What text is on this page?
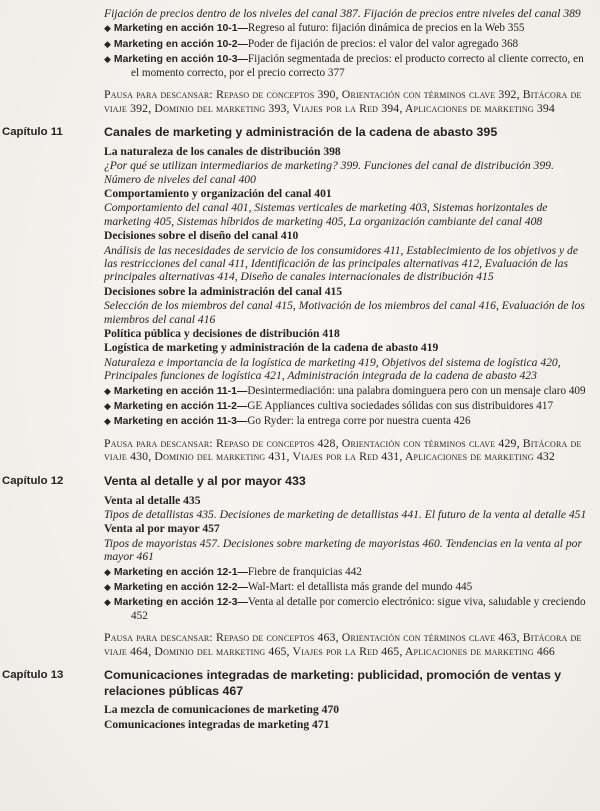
Fijación de precios dentro de los niveles del canal 387. Fijación de precios entre niveles del canal 389

◆ Marketing en acción 10-1—Regreso al futuro: fijación dinámica de precios en la Web 355

◆ Marketing en acción 10-2—Poder de fijación de precios: el valor del valor agregado 368

◆ Marketing en acción 10-3—Fijación segmentada de precios: el producto correcto al cliente correcto, en el momento correcto, por el precio correcto 377

Pausa para descansar: Repaso de conceptos 390, Orientación con términos clave 392, Bitácora de viaje 392, Dominio del marketing 393, Viajes por la Red 394, Aplicaciones de marketing 394

Capítulo 11	Canales de marketing y administración de la cadena de abasto 395
La naturaleza de los canales de distribución 398

¿Por qué se utilizan intermediarios de marketing? 399. Funciones del canal de distribución 399. Número de niveles del canal 400

Comportamiento y organización del canal 401

Comportamiento del canal 401, Sistemas verticales de marketing 403, Sistemas horizontales de marketing 405, Sistemas híbridos de marketing 405, La organización cambiante del canal 408

Decisiones sobre el diseño del canal 410

Análisis de las necesidades de servicio de los consumidores 411, Establecimiento de los objetivos y de las restricciones del canal 411, Identificación de las principales alternativas 412, Evaluación de las principales alternativas 414, Diseño de canales internacionales de distribución 415

Decisiones sobre la administración del canal 415

Selección de los miembros del canal 415, Motivación de los miembros del canal 416, Evaluación de los miembros del canal 416

Política pública y decisiones de distribución 418
Logística de marketing y administración de la cadena de abasto 419

Naturaleza e importancia de la logística de marketing 419, Objetivos del sistema de logística 420, Principales funciones de logística 421, Administración integrada de la cadena de abasto 423

◆ Marketing en acción 11-1—Desintermediación: una palabra dominguera pero con un mensaje claro 409

◆ Marketing en acción 11-2—GE Appliances cultiva sociedades sólidas con sus distribuidores 417

◆ Marketing en acción 11-3—Go Ryder: la entrega corre por nuestra cuenta 426

Pausa para descansar: Repaso de conceptos 428, Orientación con términos clave 429, Bitácora de viaje 430, Dominio del marketing 431, Viajes por la Red 431, Aplicaciones de marketing 432

Capítulo 12	Venta al detalle y al por mayor 433
Venta al detalle 435

Tipos de detallistas 435. Decisiones de marketing de detallistas 441. El futuro de la venta al detalle 451

Venta al por mayor 457

Tipos de mayoristas 457. Decisiones sobre marketing de mayoristas 460. Tendencias en la venta al por mayor 461

◆ Marketing en acción 12-1—Fiebre de franquicias 442

◆ Marketing en acción 12-2—Wal-Mart: el detallista más grande del mundo 445

◆ Marketing en acción 12-3—Venta al detalle por comercio electrónico: sigue viva, saludable y creciendo 452

Pausa para descansar: Repaso de conceptos 463, Orientación con términos clave 463, Bitácora de viaje 464, Dominio del marketing 465, Viajes por la Red 465, Aplicaciones de marketing 466

Capítulo 13	Comunicaciones integradas de marketing: publicidad, promoción de ventas y relaciones públicas 467
La mezcla de comunicaciones de marketing 470
Comunicaciones integradas de marketing 471
